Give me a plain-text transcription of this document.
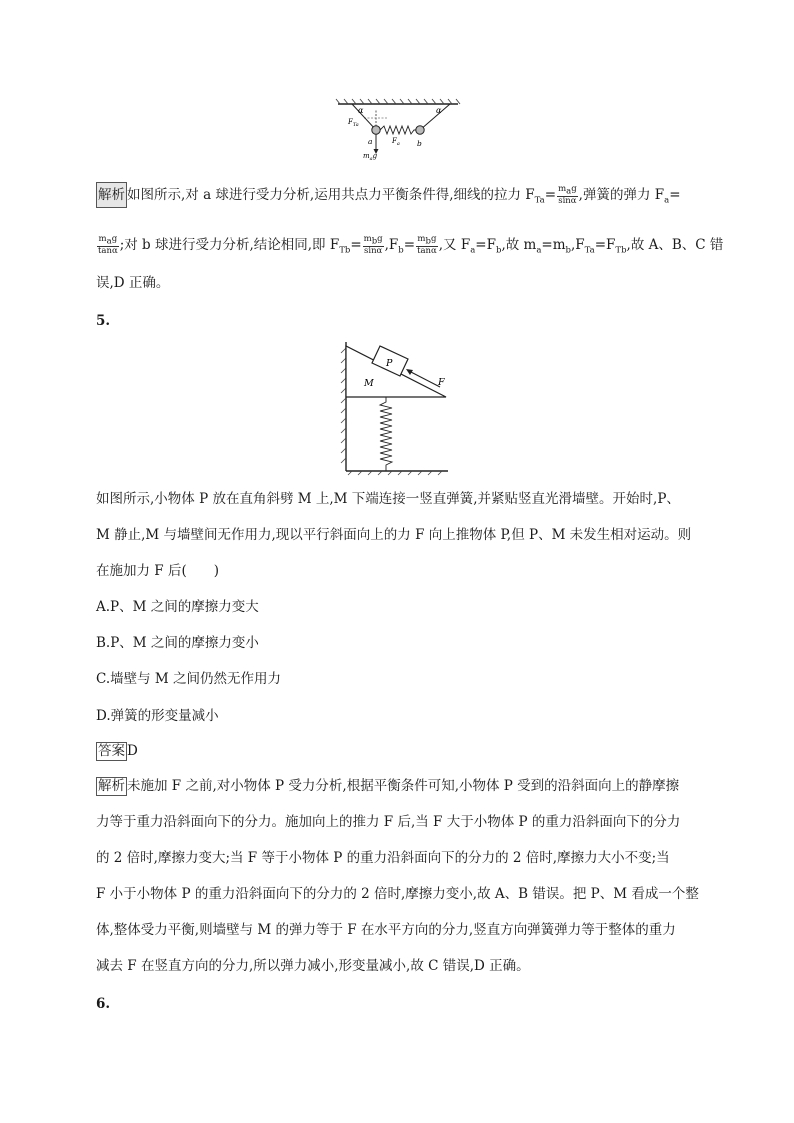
α	α
$F_{Ta}$
a	$F_a$ b
$m_ag$
解析 如图所示,对 a 球进行受力分析,运用共点力平衡条件得,细线的拉力 $F_{Ta}= \frac{m_ag}{\sin\alpha}$ ,弹簧的弹力 $F_a=$
$\frac{m_ag}{\tan\alpha}$ ;对 b 球进行受力分析,结论相同,即 $F_{Tb}= \frac{m_bg}{\sin\alpha} ,F_b= \frac{m_bg}{\tan\alpha}$ ,又 $F_a=F_b$,故 $m_a=m_b,F_{Ta}=F_{Tb}$,故 A、B、C 错
误,D 正确。
5.
P
M	F
如图所示,小物体 P 放在直角斜劈 M 上,M 下端连接一竖直弹簧,并紧贴竖直光滑墙壁。开始时,P、
M 静止,M 与墙壁间无作用力,现以平行斜面向上的力 F 向上推物体 P,但 P、M 未发生相对运动。则
在施加力 F 后(　　)
A.P、M 之间的摩擦力变大
B.P、M 之间的摩擦力变小
C.墙壁与 M 之间仍然无作用力
D.弹簧的形变量减小
答案 D
解析 未施加 F 之前,对小物体 P 受力分析,根据平衡条件可知,小物体 P 受到的沿斜面向上的静摩擦
力等于重力沿斜面向下的分力。施加向上的推力 F 后,当 F 大于小物体 P 的重力沿斜面向下的分力
的 2 倍时,摩擦力变大;当 F 等于小物体 P 的重力沿斜面向下的分力的 2 倍时,摩擦力大小不变;当
F 小于小物体 P 的重力沿斜面向下的分力的 2 倍时,摩擦力变小,故 A、B 错误。把 P、M 看成一个整
体,整体受力平衡,则墙壁与 M 的弹力等于 F 在水平方向的分力,竖直方向弹簧弹力等于整体的重力
减去 F 在竖直方向的分力,所以弹力减小,形变量减小,故 C 错误,D 正确。
6.
